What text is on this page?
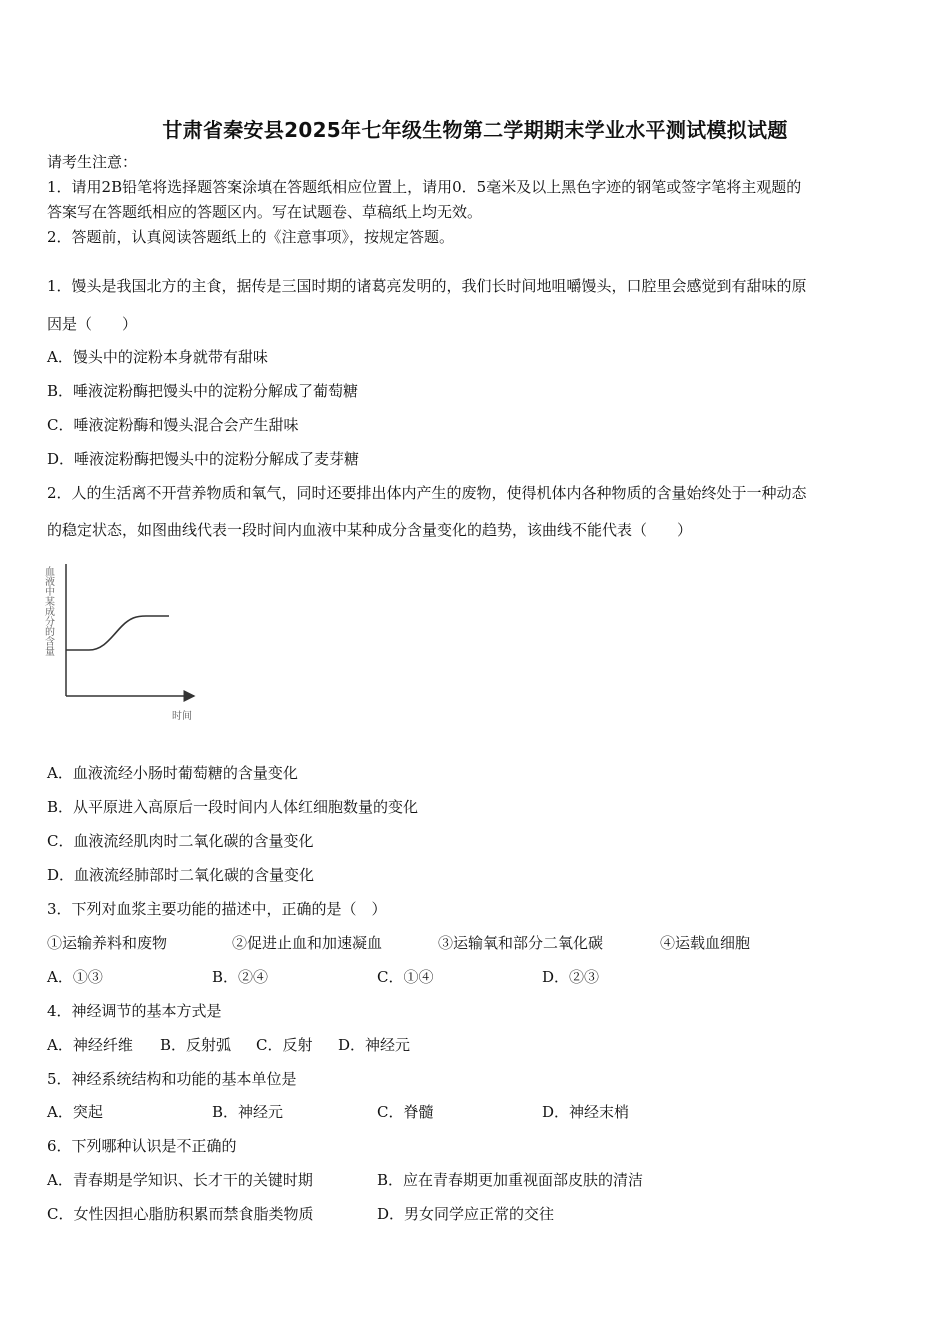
甘肃省秦安县2025年七年级生物第二学期期末学业水平测试模拟试题
请考生注意：
1．请用2B铅笔将选择题答案涂填在答题纸相应位置上，请用0．5毫米及以上黑色字迹的钢笔或签字笔将主观题的
答案写在答题纸相应的答题区内。写在试题卷、草稿纸上均无效。
2．答题前，认真阅读答题纸上的《注意事项》，按规定答题。
1．馒头是我国北方的主食，据传是三国时期的诸葛亮发明的，我们长时间地咀嚼馒头，口腔里会感觉到有甜味的原
因是（　　）
A．馒头中的淀粉本身就带有甜味
B．唾液淀粉酶把馒头中的淀粉分解成了葡萄糖
C．唾液淀粉酶和馒头混合会产生甜味
D．唾液淀粉酶把馒头中的淀粉分解成了麦芽糖
2．人的生活离不开营养物质和氧气，同时还要排出体内产生的废物，使得机体内各种物质的含量始终处于一种动态
的稳定状态，如图曲线代表一段时间内血液中某种成分含量变化的趋势，该曲线不能代表（　　）
血液中某成分的含量
时间
A．血液流经小肠时葡萄糖的含量变化
B．从平原进入高原后一段时间内人体红细胞数量的变化
C．血液流经肌肉时二氧化碳的含量变化
D．血液流经肺部时二氧化碳的含量变化
3．下列对血浆主要功能的描述中，正确的是（　）
①运输养料和废物	②促进止血和加速凝血	③运输氧和部分二氧化碳	④运载血细胞
A．①③	B．②④	C．①④	D．②③
4．神经调节的基本方式是
A．神经纤维 B．反射弧 C．反射 D．神经元
5．神经系统结构和功能的基本单位是
A．突起	B．神经元	C．脊髓	D．神经末梢
6．下列哪种认识是不正确的
A．青春期是学知识、长才干的关键时期	B．应在青春期更加重视面部皮肤的清洁
C．女性因担心脂肪积累而禁食脂类物质	D．男女同学应正常的交往
